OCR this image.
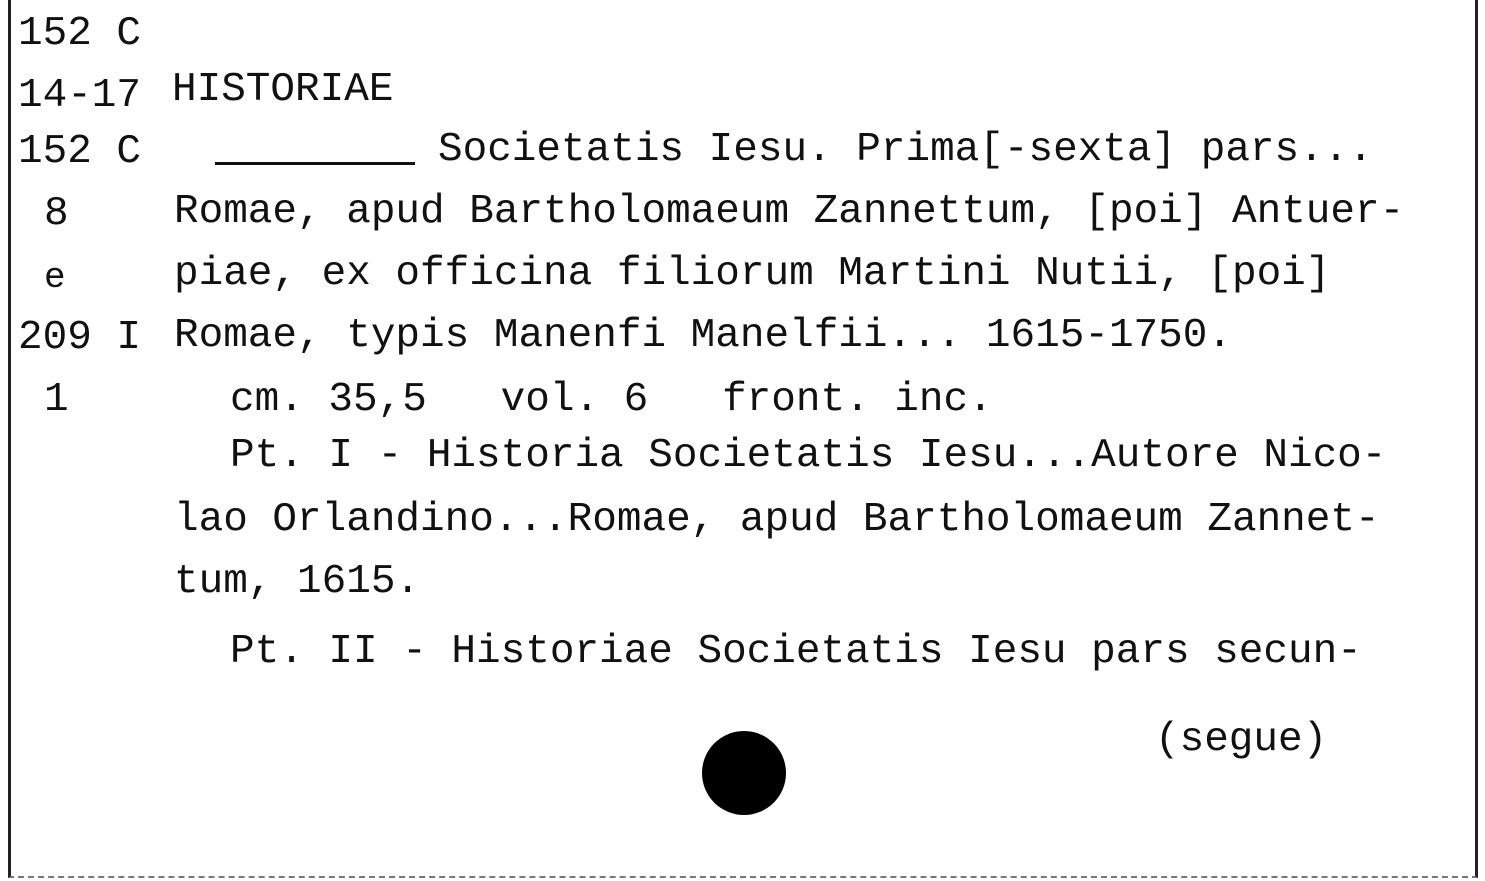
152 C
14-17
152 C
8
e
209 I
1
HISTORIAE
Societatis Iesu. Prima[-sexta] pars...
Romae, apud Bartholomaeum Zannettum, [poi] Antuer-
piae, ex officina filiorum Martini Nutii, [poi]
Romae, typis Manenfi Manelfii... 1615-1750.
cm. 35,5   vol. 6   front. inc.
Pt. I - Historia Societatis Iesu...Autore Nico-
lao Orlandino...Romae, apud Bartholomaeum Zannet-
tum, 1615.
Pt. II - Historiae Societatis Iesu pars secun-
(segue)
